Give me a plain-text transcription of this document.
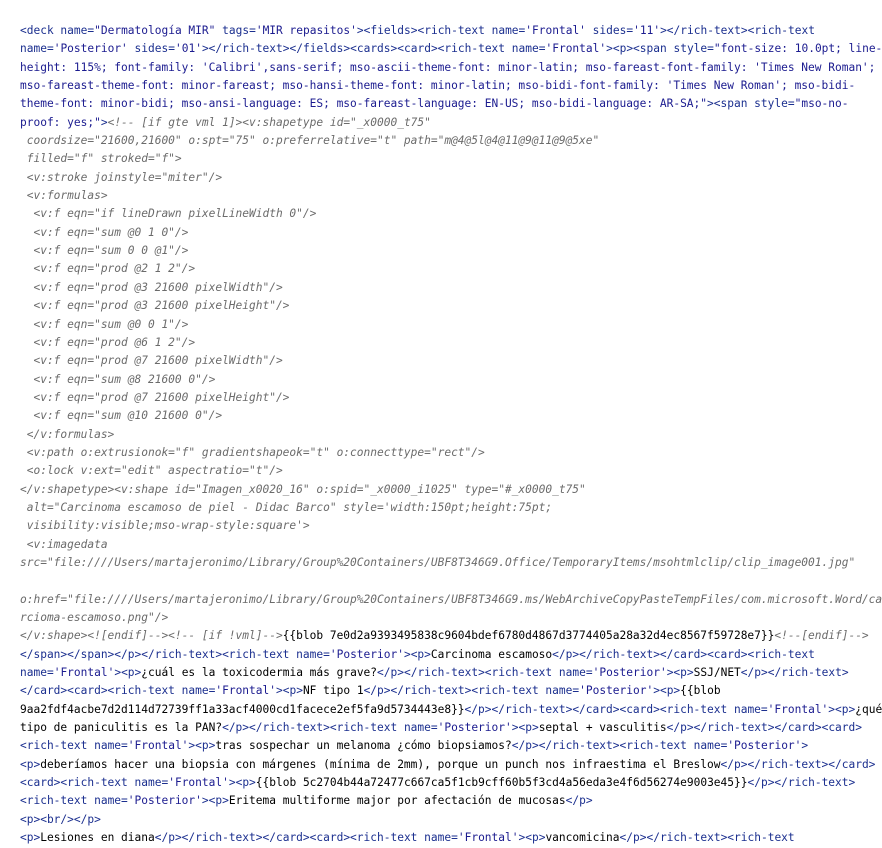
<deck name="Dermatología MIR" tags='MIR repasitos'><fields><rich-text name='Frontal' sides='11'></rich-text><rich-text
name='Posterior' sides='01'></rich-text></fields><cards><card><rich-text name='Frontal'><p><span style="font-size: 10.0pt; line-
height: 115%; font-family: 'Calibri',sans-serif; mso-ascii-theme-font: minor-latin; mso-fareast-font-family: 'Times New Roman';
mso-fareast-theme-font: minor-fareast; mso-hansi-theme-font: minor-latin; mso-bidi-font-family: 'Times New Roman'; mso-bidi-
theme-font: minor-bidi; mso-ansi-language: ES; mso-fareast-language: EN-US; mso-bidi-language: AR-SA;"><span style="mso-no-
proof: yes;"><!-- [if gte vml 1]><v:shapetype id="_x0000_t75"
coordsize="21600,21600" o:spt="75" o:preferrelative="t" path="m@4@5l@4@11@9@11@9@5xe"
filled="f" stroked="f">
<v:stroke joinstyle="miter"/>
<v:formulas>
<v:f eqn="if lineDrawn pixelLineWidth 0"/>
<v:f eqn="sum @0 1 0"/>
<v:f eqn="sum 0 0 @1"/>
<v:f eqn="prod @2 1 2"/>
<v:f eqn="prod @3 21600 pixelWidth"/>
<v:f eqn="prod @3 21600 pixelHeight"/>
<v:f eqn="sum @0 0 1"/>
<v:f eqn="prod @6 1 2"/>
<v:f eqn="prod @7 21600 pixelWidth"/>
<v:f eqn="sum @8 21600 0"/>
<v:f eqn="prod @7 21600 pixelHeight"/>
<v:f eqn="sum @10 21600 0"/>
</v:formulas>
<v:path o:extrusionok="f" gradientshapeok="t" o:connecttype="rect"/>
<o:lock v:ext="edit" aspectratio="t"/>
</v:shapetype><v:shape id="Imagen_x0020_16" o:spid="_x0000_i1025" type="#_x0000_t75"
alt="Carcinoma escamoso de piel - Didac Barco" style='width:150pt;height:75pt;
visibility:visible;mso-wrap-style:square'>
<v:imagedata
src="file:////Users/martajeronimo/Library/Group%20Containers/UBF8T346G9.Office/TemporaryItems/msohtmlclip/clip_image001.jpg"
o:href="file:////Users/martajeronimo/Library/Group%20Containers/UBF8T346G9.ms/WebArchiveCopyPasteTempFiles/com.microsoft.Word/ca
rcioma-escamoso.png"/>
</v:shape><![endif]--><!-- [if !vml]-->{{blob 7e0d2a9393495838c9604bdef6780d4867d3774405a28a32d4ec8567f59728e7}}<!--[endif]-->
</span></span></p></rich-text><rich-text name='Posterior'><p>Carcinoma escamoso</p></rich-text></card><card><rich-text
name='Frontal'><p>¿cuál es la toxicodermia más grave?</p></rich-text><rich-text name='Posterior'><p>SSJ/NET</p></rich-text>
</card><card><rich-text name='Frontal'><p>NF tipo 1</p></rich-text><rich-text name='Posterior'><p>{{blob
9aa2fdf4acbe7d2d114d72739ff1a33acf4000cd1facece2ef5fa9d5734443e8}}</p></rich-text></card><card><rich-text name='Frontal'><p>¿qué
tipo de paniculitis es la PAN?</p></rich-text><rich-text name='Posterior'><p>septal + vasculitis</p></rich-text></card><card>
<rich-text name='Frontal'><p>tras sospechar un melanoma ¿cómo biopsiamos?</p></rich-text><rich-text name='Posterior'>
<p>deberíamos hacer una biopsia con márgenes (mínima de 2mm), porque un punch nos infraestima el Breslow</p></rich-text></card>
<card><rich-text name='Frontal'><p>{{blob 5c2704b44a72477c667ca5f1cb9cff60b5f3cd4a56eda3e4f6d56274e9003e45}}</p></rich-text>
<rich-text name='Posterior'><p>Eritema multiforme major por afectación de mucosas</p>
<p><br/></p>
<p>Lesiones en diana</p></rich-text></card><card><rich-text name='Frontal'><p>vancomicina</p></rich-text><rich-text
